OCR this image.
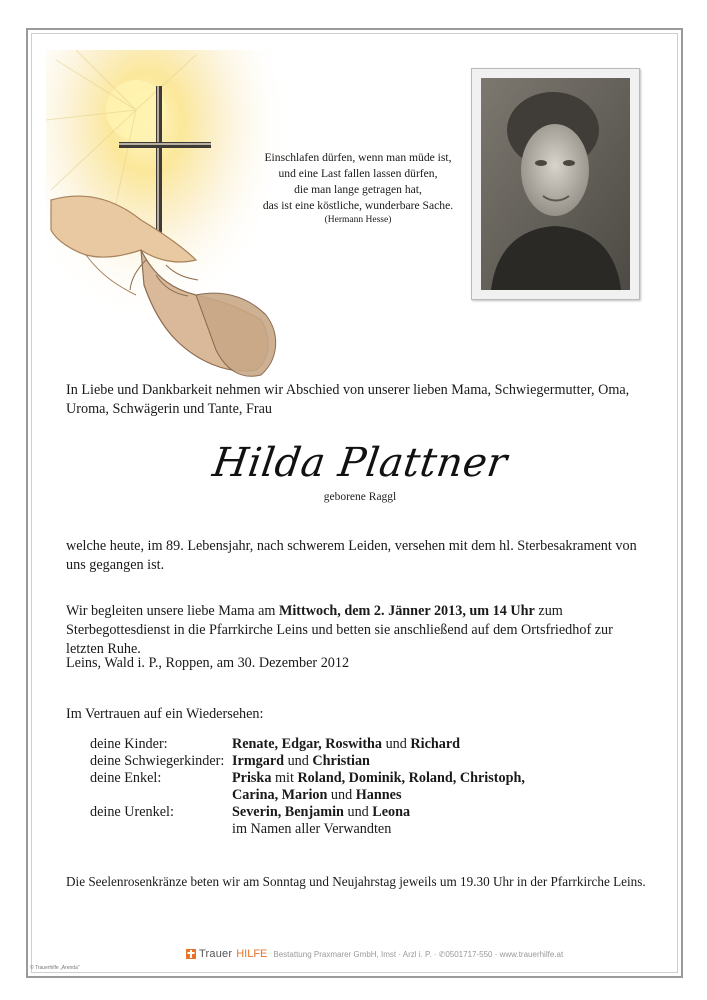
Einschlafen dürfen, wenn man müde ist,
und eine Last fallen lassen dürfen,
die man lange getragen hat,
das ist eine köstliche, wunderbare Sache.
(Hermann Hesse)
In Liebe und Dankbarkeit nehmen wir Abschied von unserer lieben Mama, Schwiegermutter, Oma, Uroma, Schwägerin und Tante, Frau
Hilda Plattner
geborene Raggl
welche heute, im 89. Lebensjahr, nach schwerem Leiden, versehen mit dem hl. Sterbesakrament von uns gegangen ist.
Wir begleiten unsere liebe Mama am Mittwoch, dem 2. Jänner 2013, um 14 Uhr zum Sterbegottesdienst in die Pfarrkirche Leins und betten sie anschließend auf dem Ortsfriedhof zur letzten Ruhe.
Leins, Wald i. P., Roppen, am 30. Dezember 2012
Im Vertrauen auf ein Wiedersehen:
deine Kinder:	Renate, Edgar, Roswitha und Richard
deine Schwiegerkinder: Irmgard und Christian
deine Enkel:	Priska mit Roland, Dominik, Roland, Christoph,
Carina, Marion und Hannes
deine Urenkel:	Severin, Benjamin und Leona
im Namen aller Verwandten
Die Seelenrosenkränze beten wir am Sonntag und Neujahrstag jeweils um 19.30 Uhr in der Pfarrkirche Leins.
Trauer HILFE Bestattung Praxmarer GmbH, Imst · Arzl i. P. · ✆0501717-550 · www.trauerhilfe.at
© Trauerhilfe „Arenda"
